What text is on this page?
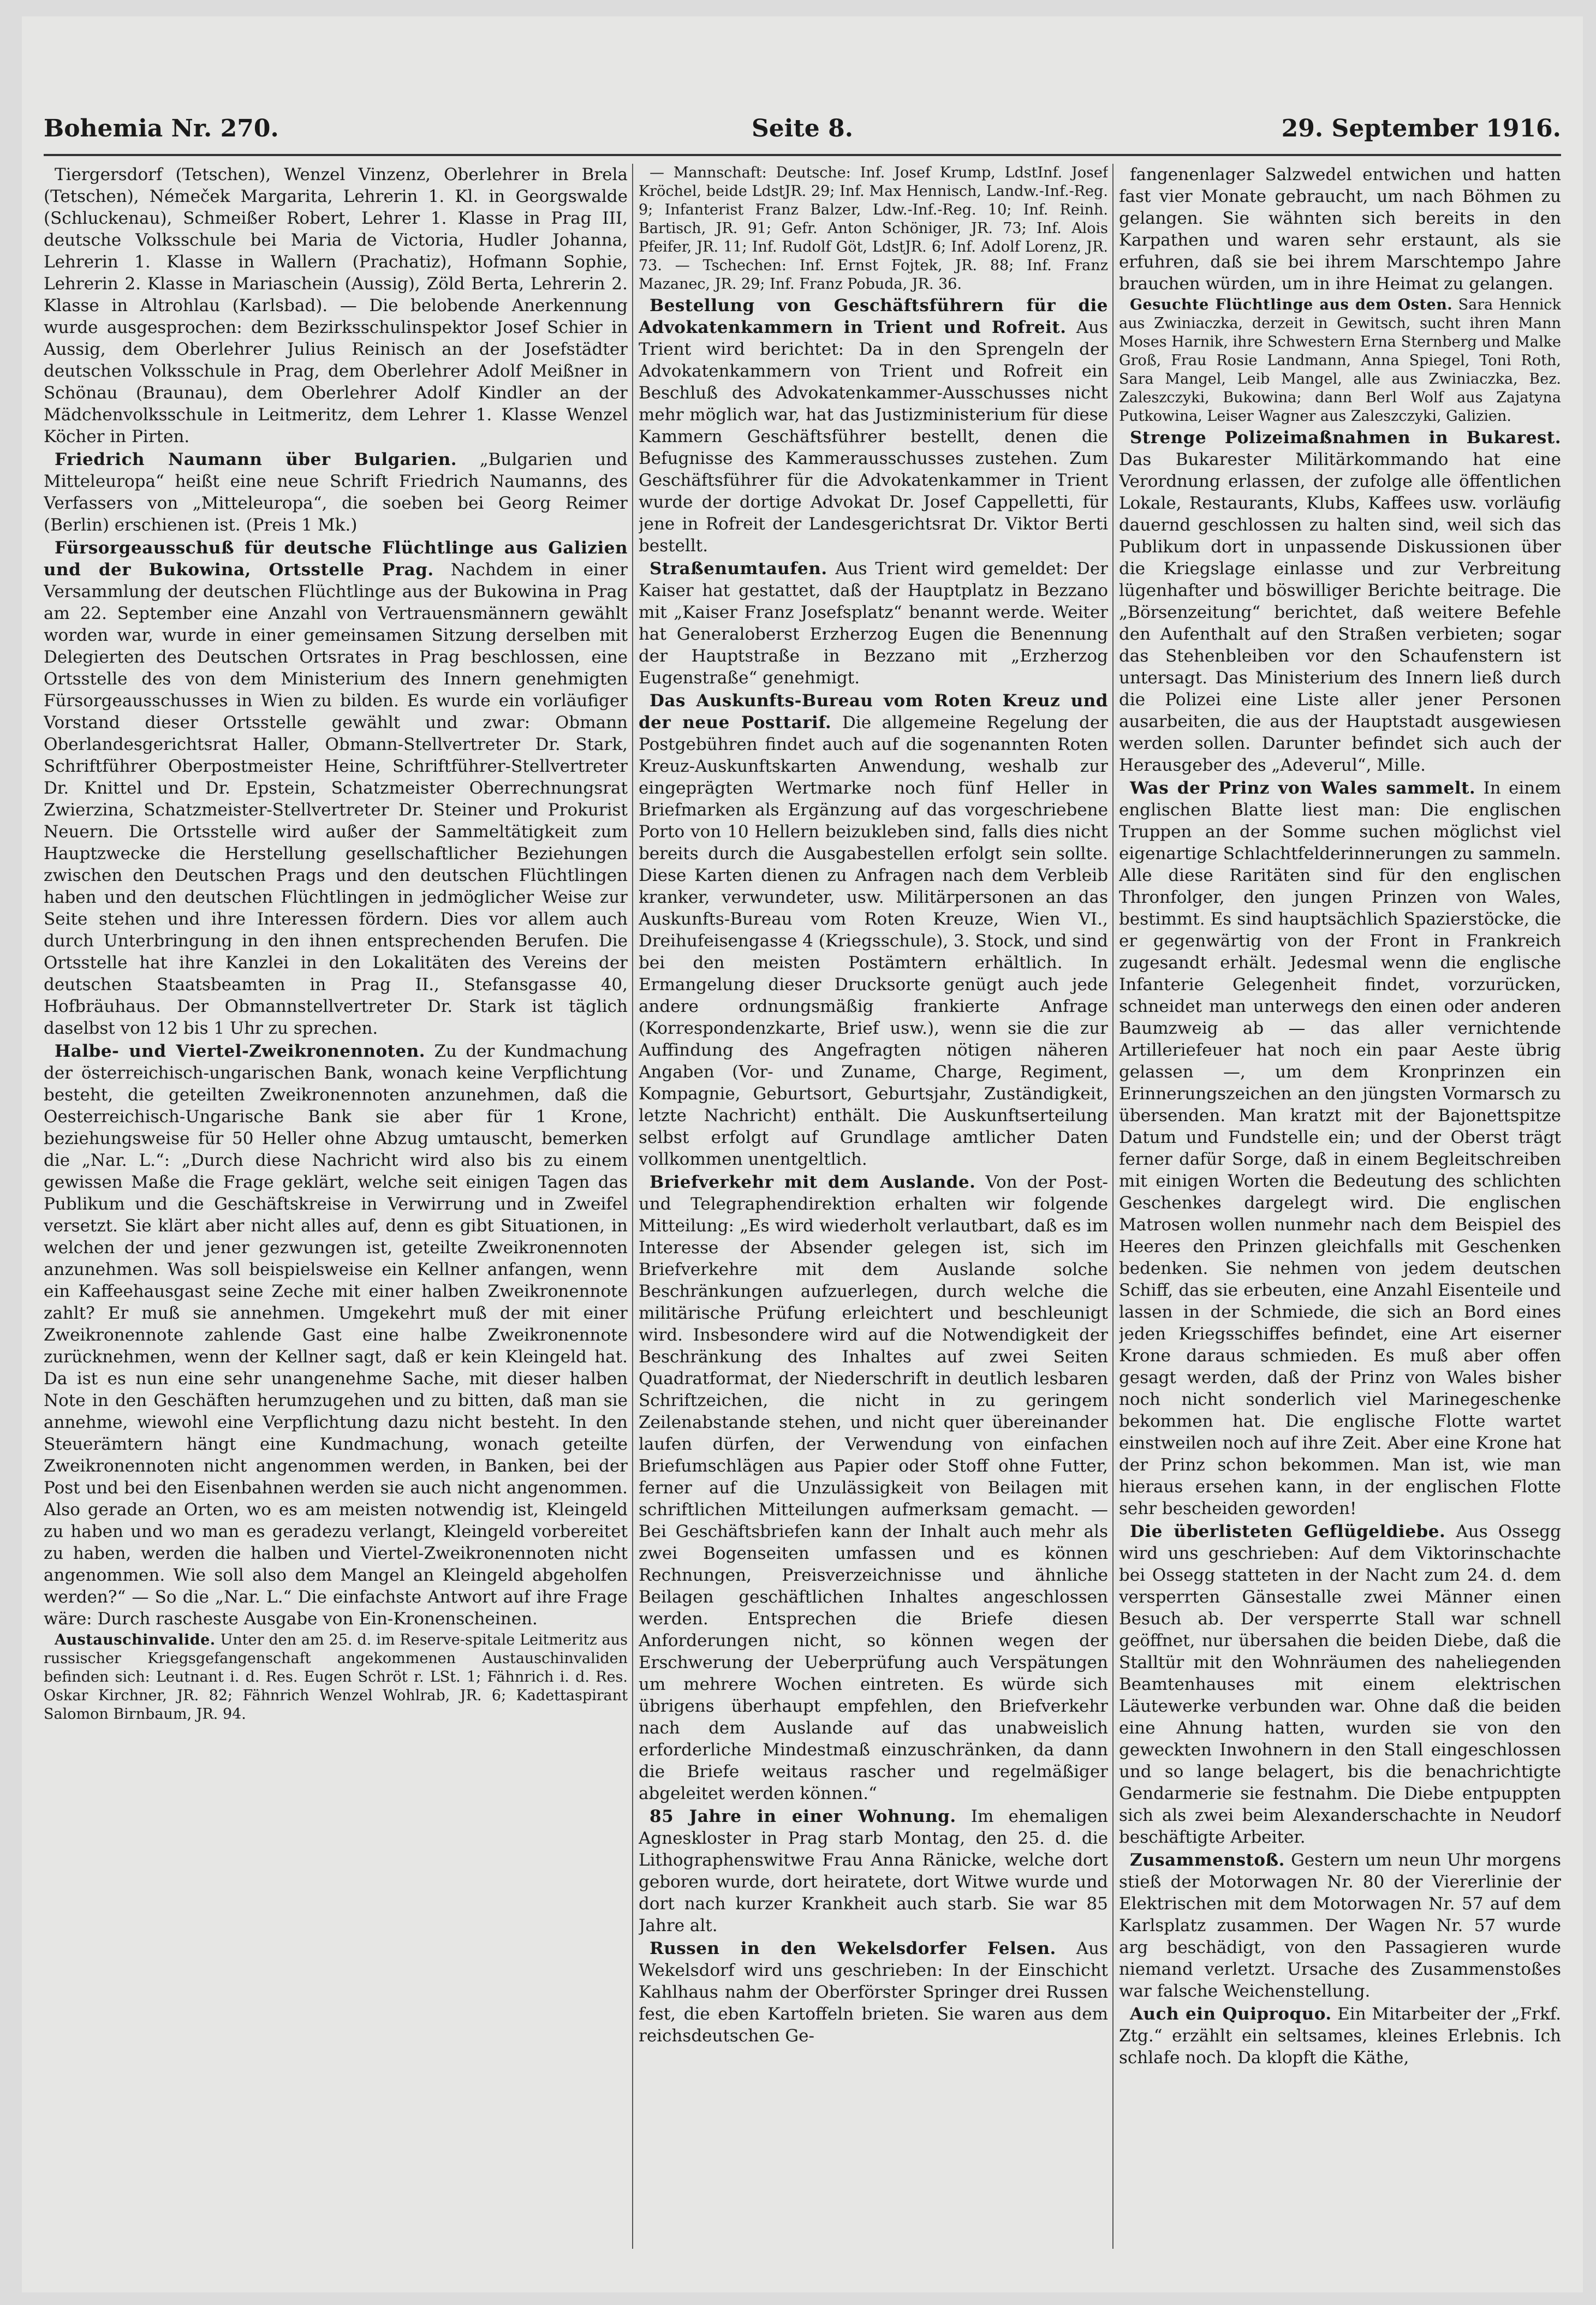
Bohemia Nr. 270.	Seite 8.	29. September 1916.

Tiergersdorf (Tetschen), Wenzel Vinzenz, Oberlehrer in Brela (Tetschen), Némeček Margarita, Lehrerin 1. Kl. in Georgswalde (Schluckenau), Schmeißer Robert, Lehrer 1. Klasse in Prag III, deutsche Volksschule bei Maria de Victoria, Hudler Johanna, Lehrerin 1. Klasse in Wallern (Prachatiz), Hofmann Sophie, Lehrerin 2. Klasse in Mariaschein (Aussig), Zöld Berta, Lehrerin 2. Klasse in Altrohlau (Karlsbad). — Die belobende Anerkennung wurde ausgesprochen: dem Bezirksschulinspektor Josef Schier in Aussig, dem Oberlehrer Julius Reinisch an der Josefstädter deutschen Volksschule in Prag, dem Oberlehrer Adolf Meißner in Schönau (Braunau), dem Oberlehrer Adolf Kindler an der Mädchenvolksschule in Leitmeritz, dem Lehrer 1. Klasse Wenzel Köcher in Pirten.

Friedrich Naumann über Bulgarien. „Bulgarien und Mitteleuropa“ heißt eine neue Schrift Friedrich Naumanns, des Verfassers von „Mitteleuropa“, die soeben bei Georg Reimer (Berlin) erschienen ist. (Preis 1 Mk.)

Fürsorgeausschuß für deutsche Flüchtlinge aus Galizien und der Bukowina, Ortsstelle Prag. Nachdem in einer Versammlung der deutschen Flüchtlinge aus der Bukowina in Prag am 22. September eine Anzahl von Vertrauensmännern gewählt worden war, wurde in einer gemeinsamen Sitzung derselben mit Delegierten des Deutschen Ortsrates in Prag beschlossen, eine Ortsstelle des von dem Ministerium des Innern genehmigten Fürsorgeausschusses in Wien zu bilden. Es wurde ein vorläufiger Vorstand dieser Ortsstelle gewählt und zwar: Obmann Oberlandesgerichtsrat Haller, Obmann-Stellvertreter Dr. Stark, Schriftführer Oberpostmeister Heine, Schriftführer-Stellvertreter Dr. Knittel und Dr. Epstein, Schatzmeister Oberrechnungsrat Zwierzina, Schatzmeister-Stellvertreter Dr. Steiner und Prokurist Neuern. Die Ortsstelle wird außer der Sammeltätigkeit zum Hauptzwecke die Herstellung gesellschaftlicher Beziehungen zwischen den Deutschen Prags und den deutschen Flüchtlingen haben und den deutschen Flüchtlingen in jedmöglicher Weise zur Seite stehen und ihre Interessen fördern. Dies vor allem auch durch Unterbringung in den ihnen entsprechenden Berufen. Die Ortsstelle hat ihre Kanzlei in den Lokalitäten des Vereins der deutschen Staatsbeamten in Prag II., Stefansgasse 40, Hofbräuhaus. Der Obmannstellvertreter Dr. Stark ist täglich daselbst von 12 bis 1 Uhr zu sprechen.

Halbe- und Viertel-Zweikronennoten. Zu der Kundmachung der österreichisch-ungarischen Bank, wonach keine Verpflichtung besteht, die geteilten Zweikronennoten anzunehmen, daß die Oesterreichisch-Ungarische Bank sie aber für 1 Krone, beziehungsweise für 50 Heller ohne Abzug umtauscht, bemerken die „Nar. L.“: „Durch diese Nachricht wird also bis zu einem gewissen Maße die Frage geklärt, welche seit einigen Tagen das Publikum und die Geschäftskreise in Verwirrung und in Zweifel versetzt. Sie klärt aber nicht alles auf, denn es gibt Situationen, in welchen der und jener gezwungen ist, geteilte Zweikronennoten anzunehmen. Was soll beispielsweise ein Kellner anfangen, wenn ein Kaffeehausgast seine Zeche mit einer halben Zweikronennote zahlt? Er muß sie annehmen. Umgekehrt muß der mit einer Zweikronennote zahlende Gast eine halbe Zweikronennote zurücknehmen, wenn der Kellner sagt, daß er kein Kleingeld hat. Da ist es nun eine sehr unangenehme Sache, mit dieser halben Note in den Geschäften herumzugehen und zu bitten, daß man sie annehme, wiewohl eine Verpflichtung dazu nicht besteht. In den Steuerämtern hängt eine Kundmachung, wonach geteilte Zweikronennoten nicht angenommen werden, in Banken, bei der Post und bei den Eisenbahnen werden sie auch nicht angenommen. Also gerade an Orten, wo es am meisten notwendig ist, Kleingeld zu haben und wo man es geradezu verlangt, Kleingeld vorbereitet zu haben, werden die halben und Viertel-Zweikronennoten nicht angenommen. Wie soll also dem Mangel an Kleingeld abgeholfen werden?“ — So die „Nar. L.“ Die einfachste Antwort auf ihre Frage wäre: Durch rascheste Ausgabe von Ein-Kronenscheinen.

Austauschinvalide. Unter den am 25. d. im Reserve-spitale Leitmeritz aus russischer Kriegsgefangenschaft angekommenen Austauschinvaliden befinden sich: Leutnant i. d. Res. Eugen Schröt r. LSt. 1; Fähnrich i. d. Res. Oskar Kirchner, JR. 82; Fähnrich Wenzel Wohlrab, JR. 6; Kadettaspirant Salomon Birnbaum, JR. 94.

— Mannschaft: Deutsche: Inf. Josef Krump, LdstInf. Josef Kröchel, beide LdstJR. 29; Inf. Max Hennisch, Landw.-Inf.-Reg. 9; Infanterist Franz Balzer, Ldw.-Inf.-Reg. 10; Inf. Reinh. Bartisch, JR. 91; Gefr. Anton Schöniger, JR. 73; Inf. Alois Pfeifer, JR. 11; Inf. Rudolf Göt, LdstJR. 6; Inf. Adolf Lorenz, JR. 73. — Tschechen: Inf. Ernst Fojtek, JR. 88; Inf. Franz Mazanec, JR. 29; Inf. Franz Pobuda, JR. 36.

Bestellung von Geschäftsführern für die Advokatenkammern in Trient und Rofreit. Aus Trient wird berichtet: Da in den Sprengeln der Advokatenkammern von Trient und Rofreit ein Beschluß des Advokatenkammer-Ausschusses nicht mehr möglich war, hat das Justizministerium für diese Kammern Geschäftsführer bestellt, denen die Befugnisse des Kammerausschusses zustehen. Zum Geschäftsführer für die Advokatenkammer in Trient wurde der dortige Advokat Dr. Josef Cappelletti, für jene in Rofreit der Landesgerichtsrat Dr. Viktor Berti bestellt.

Straßenumtaufen. Aus Trient wird gemeldet: Der Kaiser hat gestattet, daß der Hauptplatz in Bezzano mit „Kaiser Franz Josefsplatz“ benannt werde. Weiter hat Generaloberst Erzherzog Eugen die Benennung der Hauptstraße in Bezzano mit „Erzherzog Eugenstraße“ genehmigt.

Das Auskunfts-Bureau vom Roten Kreuz und der neue Posttarif. Die allgemeine Regelung der Postgebühren findet auch auf die sogenannten Roten Kreuz-Auskunftskarten Anwendung, weshalb zur eingeprägten Wertmarke noch fünf Heller in Briefmarken als Ergänzung auf das vorgeschriebene Porto von 10 Hellern beizukleben sind, falls dies nicht bereits durch die Ausgabestellen erfolgt sein sollte. Diese Karten dienen zu Anfragen nach dem Verbleib kranker, verwundeter, usw. Militärpersonen an das Auskunfts-Bureau vom Roten Kreuze, Wien VI., Dreihufeisengasse 4 (Kriegsschule), 3. Stock, und sind bei den meisten Postämtern erhältlich. In Ermangelung dieser Drucksorte genügt auch jede andere ordnungsmäßig frankierte Anfrage (Korrespondenzkarte, Brief usw.), wenn sie die zur Auffindung des Angefragten nötigen näheren Angaben (Vor- und Zuname, Charge, Regiment, Kompagnie, Geburtsort, Geburtsjahr, Zuständigkeit, letzte Nachricht) enthält. Die Auskunftserteilung selbst erfolgt auf Grundlage amtlicher Daten vollkommen unentgeltlich.

Briefverkehr mit dem Auslande. Von der Post- und Telegraphendirektion erhalten wir folgende Mitteilung: „Es wird wiederholt verlautbart, daß es im Interesse der Absender gelegen ist, sich im Briefverkehre mit dem Auslande solche Beschränkungen aufzuerlegen, durch welche die militärische Prüfung erleichtert und beschleunigt wird. Insbesondere wird auf die Notwendigkeit der Beschränkung des Inhaltes auf zwei Seiten Quadratformat, der Niederschrift in deutlich lesbaren Schriftzeichen, die nicht in zu geringem Zeilenabstande stehen, und nicht quer übereinander laufen dürfen, der Verwendung von einfachen Briefumschlägen aus Papier oder Stoff ohne Futter, ferner auf die Unzulässigkeit von Beilagen mit schriftlichen Mitteilungen aufmerksam gemacht. — Bei Geschäftsbriefen kann der Inhalt auch mehr als zwei Bogenseiten umfassen und es können Rechnungen, Preisverzeichnisse und ähnliche Beilagen geschäftlichen Inhaltes angeschlossen werden. Entsprechen die Briefe diesen Anforderungen nicht, so können wegen der Erschwerung der Ueberprüfung auch Verspätungen um mehrere Wochen eintreten. Es würde sich übrigens überhaupt empfehlen, den Briefverkehr nach dem Auslande auf das unabweislich erforderliche Mindestmaß einzuschränken, da dann die Briefe weitaus rascher und regelmäßiger abgeleitet werden können.“

85 Jahre in einer Wohnung. Im ehemaligen Agneskloster in Prag starb Montag, den 25. d. die Lithographenswitwe Frau Anna Ränicke, welche dort geboren wurde, dort heiratete, dort Witwe wurde und dort nach kurzer Krankheit auch starb. Sie war 85 Jahre alt.

Russen in den Wekelsdorfer Felsen. Aus Wekelsdorf wird uns geschrieben: In der Einschicht Kahlhaus nahm der Oberförster Springer drei Russen fest, die eben Kartoffeln brieten. Sie waren aus dem reichsdeutschen Ge-

fangenenlager Salzwedel entwichen und hatten fast vier Monate gebraucht, um nach Böhmen zu gelangen. Sie wähnten sich bereits in den Karpathen und waren sehr erstaunt, als sie erfuhren, daß sie bei ihrem Marschtempo Jahre brauchen würden, um in ihre Heimat zu gelangen.

Gesuchte Flüchtlinge aus dem Osten. Sara Hennick aus Zwiniaczka, derzeit in Gewitsch, sucht ihren Mann Moses Harnik, ihre Schwestern Erna Sternberg und Malke Groß, Frau Rosie Landmann, Anna Spiegel, Toni Roth, Sara Mangel, Leib Mangel, alle aus Zwiniaczka, Bez. Zaleszczyki, Bukowina; dann Berl Wolf aus Zajatyna Putkowina, Leiser Wagner aus Zaleszczyki, Galizien.

Strenge Polizeimaßnahmen in Bukarest. Das Bukarester Militärkommando hat eine Verordnung erlassen, der zufolge alle öffentlichen Lokale, Restaurants, Klubs, Kaffees usw. vorläufig dauernd geschlossen zu halten sind, weil sich das Publikum dort in unpassende Diskussionen über die Kriegslage einlasse und zur Verbreitung lügenhafter und böswilliger Berichte beitrage. Die „Börsenzeitung“ berichtet, daß weitere Befehle den Aufenthalt auf den Straßen verbieten; sogar das Stehenbleiben vor den Schaufenstern ist untersagt. Das Ministerium des Innern ließ durch die Polizei eine Liste aller jener Personen ausarbeiten, die aus der Hauptstadt ausgewiesen werden sollen. Darunter befindet sich auch der Herausgeber des „Adeverul“, Mille.

Was der Prinz von Wales sammelt. In einem englischen Blatte liest man: Die englischen Truppen an der Somme suchen möglichst viel eigenartige Schlachtfelderinnerungen zu sammeln. Alle diese Raritäten sind für den englischen Thronfolger, den jungen Prinzen von Wales, bestimmt. Es sind hauptsächlich Spazierstöcke, die er gegenwärtig von der Front in Frankreich zugesandt erhält. Jedesmal wenn die englische Infanterie Gelegenheit findet, vorzurücken, schneidet man unterwegs den einen oder anderen Baumzweig ab — das aller vernichtende Artilleriefeuer hat noch ein paar Aeste übrig gelassen —, um dem Kronprinzen ein Erinnerungszeichen an den jüngsten Vormarsch zu übersenden. Man kratzt mit der Bajonettspitze Datum und Fundstelle ein; und der Oberst trägt ferner dafür Sorge, daß in einem Begleitschreiben mit einigen Worten die Bedeutung des schlichten Geschenkes dargelegt wird. Die englischen Matrosen wollen nunmehr nach dem Beispiel des Heeres den Prinzen gleichfalls mit Geschenken bedenken. Sie nehmen von jedem deutschen Schiff, das sie erbeuten, eine Anzahl Eisenteile und lassen in der Schmiede, die sich an Bord eines jeden Kriegsschiffes befindet, eine Art eiserner Krone daraus schmieden. Es muß aber offen gesagt werden, daß der Prinz von Wales bisher noch nicht sonderlich viel Marinegeschenke bekommen hat. Die englische Flotte wartet einstweilen noch auf ihre Zeit. Aber eine Krone hat der Prinz schon bekommen. Man ist, wie man hieraus ersehen kann, in der englischen Flotte sehr bescheiden geworden!

Die überlisteten Geflügeldiebe. Aus Ossegg wird uns geschrieben: Auf dem Viktorinschachte bei Ossegg statteten in der Nacht zum 24. d. dem versperrten Gänsestalle zwei Männer einen Besuch ab. Der versperrte Stall war schnell geöffnet, nur übersahen die beiden Diebe, daß die Stalltür mit den Wohnräumen des naheliegenden Beamtenhauses mit einem elektrischen Läutewerke verbunden war. Ohne daß die beiden eine Ahnung hatten, wurden sie von den geweckten Inwohnern in den Stall eingeschlossen und so lange belagert, bis die benachrichtigte Gendarmerie sie festnahm. Die Diebe entpuppten sich als zwei beim Alexanderschachte in Neudorf beschäftigte Arbeiter.

Zusammenstoß. Gestern um neun Uhr morgens stieß der Motorwagen Nr. 80 der Viererlinie der Elektrischen mit dem Motorwagen Nr. 57 auf dem Karlsplatz zusammen. Der Wagen Nr. 57 wurde arg beschädigt, von den Passagieren wurde niemand verletzt. Ursache des Zusammenstoßes war falsche Weichenstellung.

Auch ein Quiproquo. Ein Mitarbeiter der „Frkf. Ztg.“ erzählt ein seltsames, kleines Erlebnis. Ich schlafe noch. Da klopft die Käthe,
